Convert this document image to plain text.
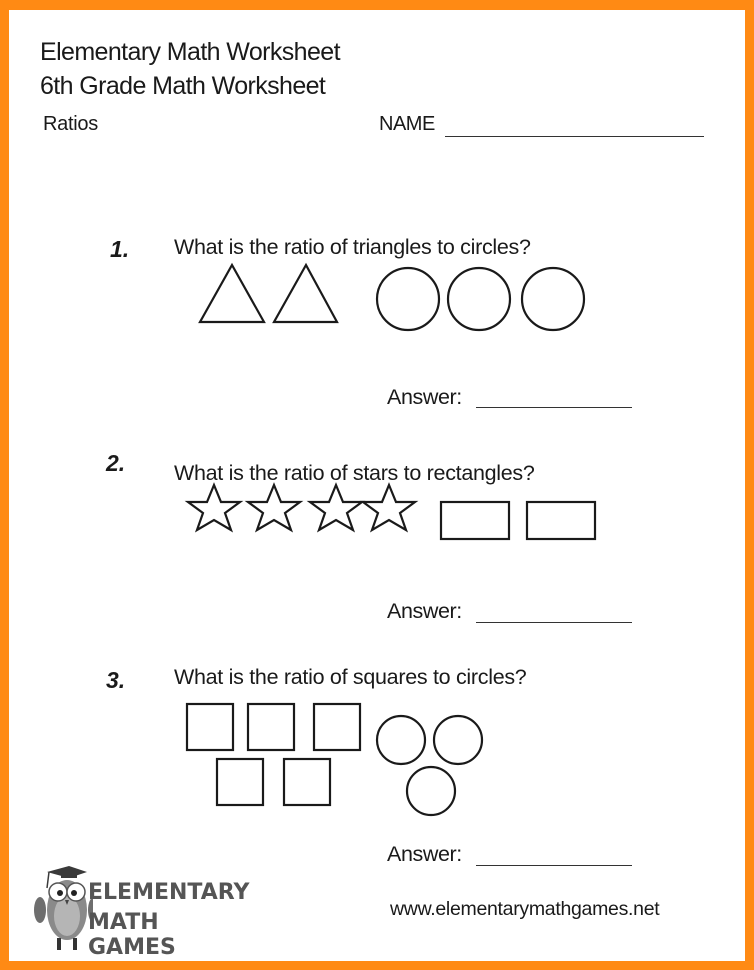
Elementary Math Worksheet
6th Grade Math Worksheet
Ratios	NAME
1. What is the ratio of triangles to circles?
Answer:
2. What is the ratio of stars to rectangles?
Answer:
3. What is the ratio of squares to circles?
Answer:
ELEMENTARY
MATH GAMES
www.elementarymathgames.net
